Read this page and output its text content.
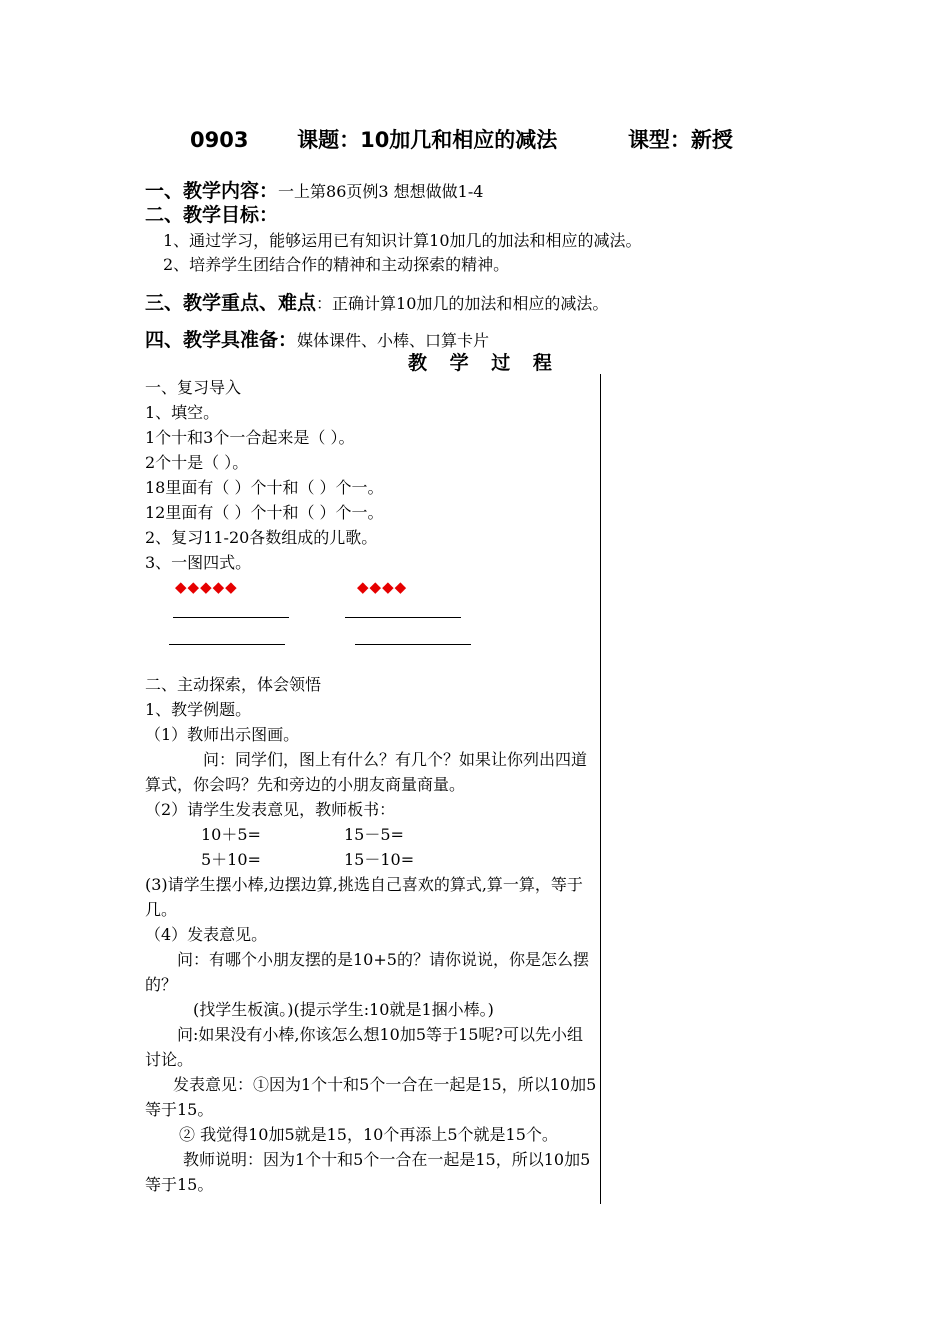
0903 课题：10加几和相应的减法	课型：新授
一、教学内容：一上第86页例3 想想做做1-4
二、教学目标：
1、通过学习，能够运用已有知识计算10加几的加法和相应的减法。
2、培养学生团结合作的精神和主动探索的精神。
三、教学重点、难点：正确计算10加几的加法和相应的减法。
四、教学具准备：媒体课件、小棒、口算卡片
教 学 过 程
一、复习导入
1、填空。
1个十和3个一合起来是（ ）。
2个十是（ ）。
18里面有（ ）个十和（ ）个一。
12里面有（ ）个十和（ ）个一。
2、复习11-20各数组成的儿歌。
3、一图四式。
◆◆◆◆◆	◆◆◆◆
二、主动探索，体会领悟
1、教学例题。
（1）教师出示图画。
问：同学们，图上有什么？有几个？如果让你列出四道算式，你会吗？先和旁边的小朋友商量商量。
（2）请学生发表意见，教师板书：
10＋5=	15－5=
5＋10=	15－10=
(3)请学生摆小棒,边摆边算,挑选自己喜欢的算式,算一算，等于几。
（4）发表意见。
问：有哪个小朋友摆的是10+5的？请你说说，你是怎么摆的？
(找学生板演。)(提示学生:10就是1捆小棒。)
问:如果没有小棒,你该怎么想10加5等于15呢?可以先小组讨论。
发表意见：①因为1个十和5个一合在一起是15，所以10加5等于15。
② 我觉得10加5就是15，10个再添上5个就是15个。
教师说明：因为1个十和5个一合在一起是15，所以10加5等于15。
